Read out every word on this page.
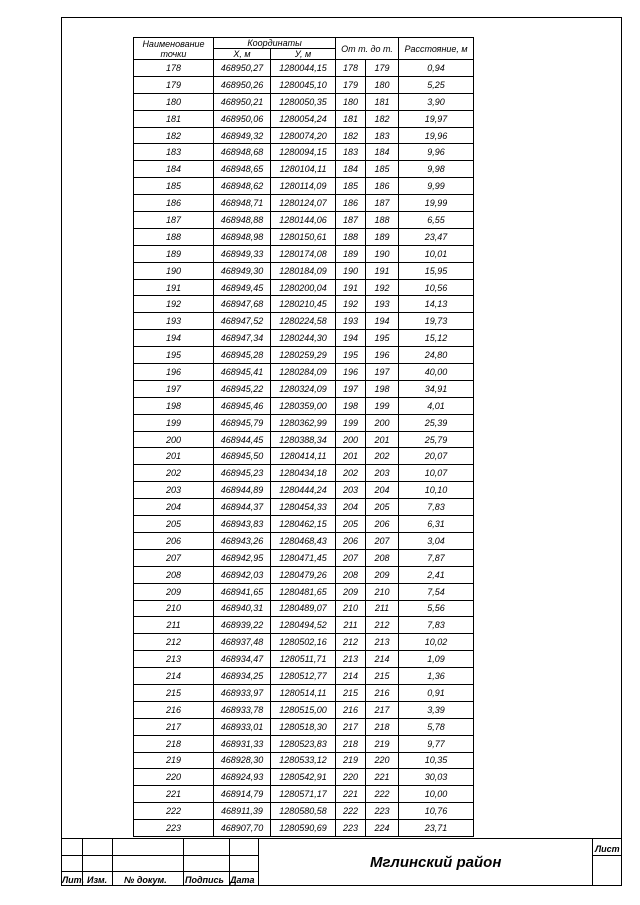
Наименование точки	Координаты		От т. до т.		Расстояние, м
	X, м	У, м			
178	468950,27	1280044,15	178	179	0,94
179	468950,26	1280045,10	179	180	5,25
180	468950,21	1280050,35	180	181	3,90
181	468950,06	1280054,24	181	182	19,97
182	468949,32	1280074,20	182	183	19,96
183	468948,68	1280094,15	183	184	9,96
184	468948,65	1280104,11	184	185	9,98
185	468948,62	1280114,09	185	186	9,99
186	468948,71	1280124,07	186	187	19,99
187	468948,88	1280144,06	187	188	6,55
188	468948,98	1280150,61	188	189	23,47
189	468949,33	1280174,08	189	190	10,01
190	468949,30	1280184,09	190	191	15,95
191	468949,45	1280200,04	191	192	10,56
192	468947,68	1280210,45	192	193	14,13
193	468947,52	1280224,58	193	194	19,73
194	468947,34	1280244,30	194	195	15,12
195	468945,28	1280259,29	195	196	24,80
196	468945,41	1280284,09	196	197	40,00
197	468945,22	1280324,09	197	198	34,91
198	468945,46	1280359,00	198	199	4,01
199	468945,79	1280362,99	199	200	25,39
200	468944,45	1280388,34	200	201	25,79
201	468945,50	1280414,11	201	202	20,07
202	468945,23	1280434,18	202	203	10,07
203	468944,89	1280444,24	203	204	10,10
204	468944,37	1280454,33	204	205	7,83
205	468943,83	1280462,15	205	206	6,31
206	468943,26	1280468,43	206	207	3,04
207	468942,95	1280471,45	207	208	7,87
208	468942,03	1280479,26	208	209	2,41
209	468941,65	1280481,65	209	210	7,54
210	468940,31	1280489,07	210	211	5,56
211	468939,22	1280494,52	211	212	7,83
212	468937,48	1280502,16	212	213	10,02
213	468934,47	1280511,71	213	214	1,09
214	468934,25	1280512,77	214	215	1,36
215	468933,97	1280514,11	215	216	0,91
216	468933,78	1280515,00	216	217	3,39
217	468933,01	1280518,30	217	218	5,78
218	468931,33	1280523,83	218	219	9,77
219	468928,30	1280533,12	219	220	10,35
220	468924,93	1280542,91	220	221	30,03
221	468914,79	1280571,17	221	222	10,00
222	468911,39	1280580,58	222	223	10,76
223	468907,70	1280590,69	223	224	23,71
Лит. Изм. № докум. Подпись Дата
Мглинский район
Лист
